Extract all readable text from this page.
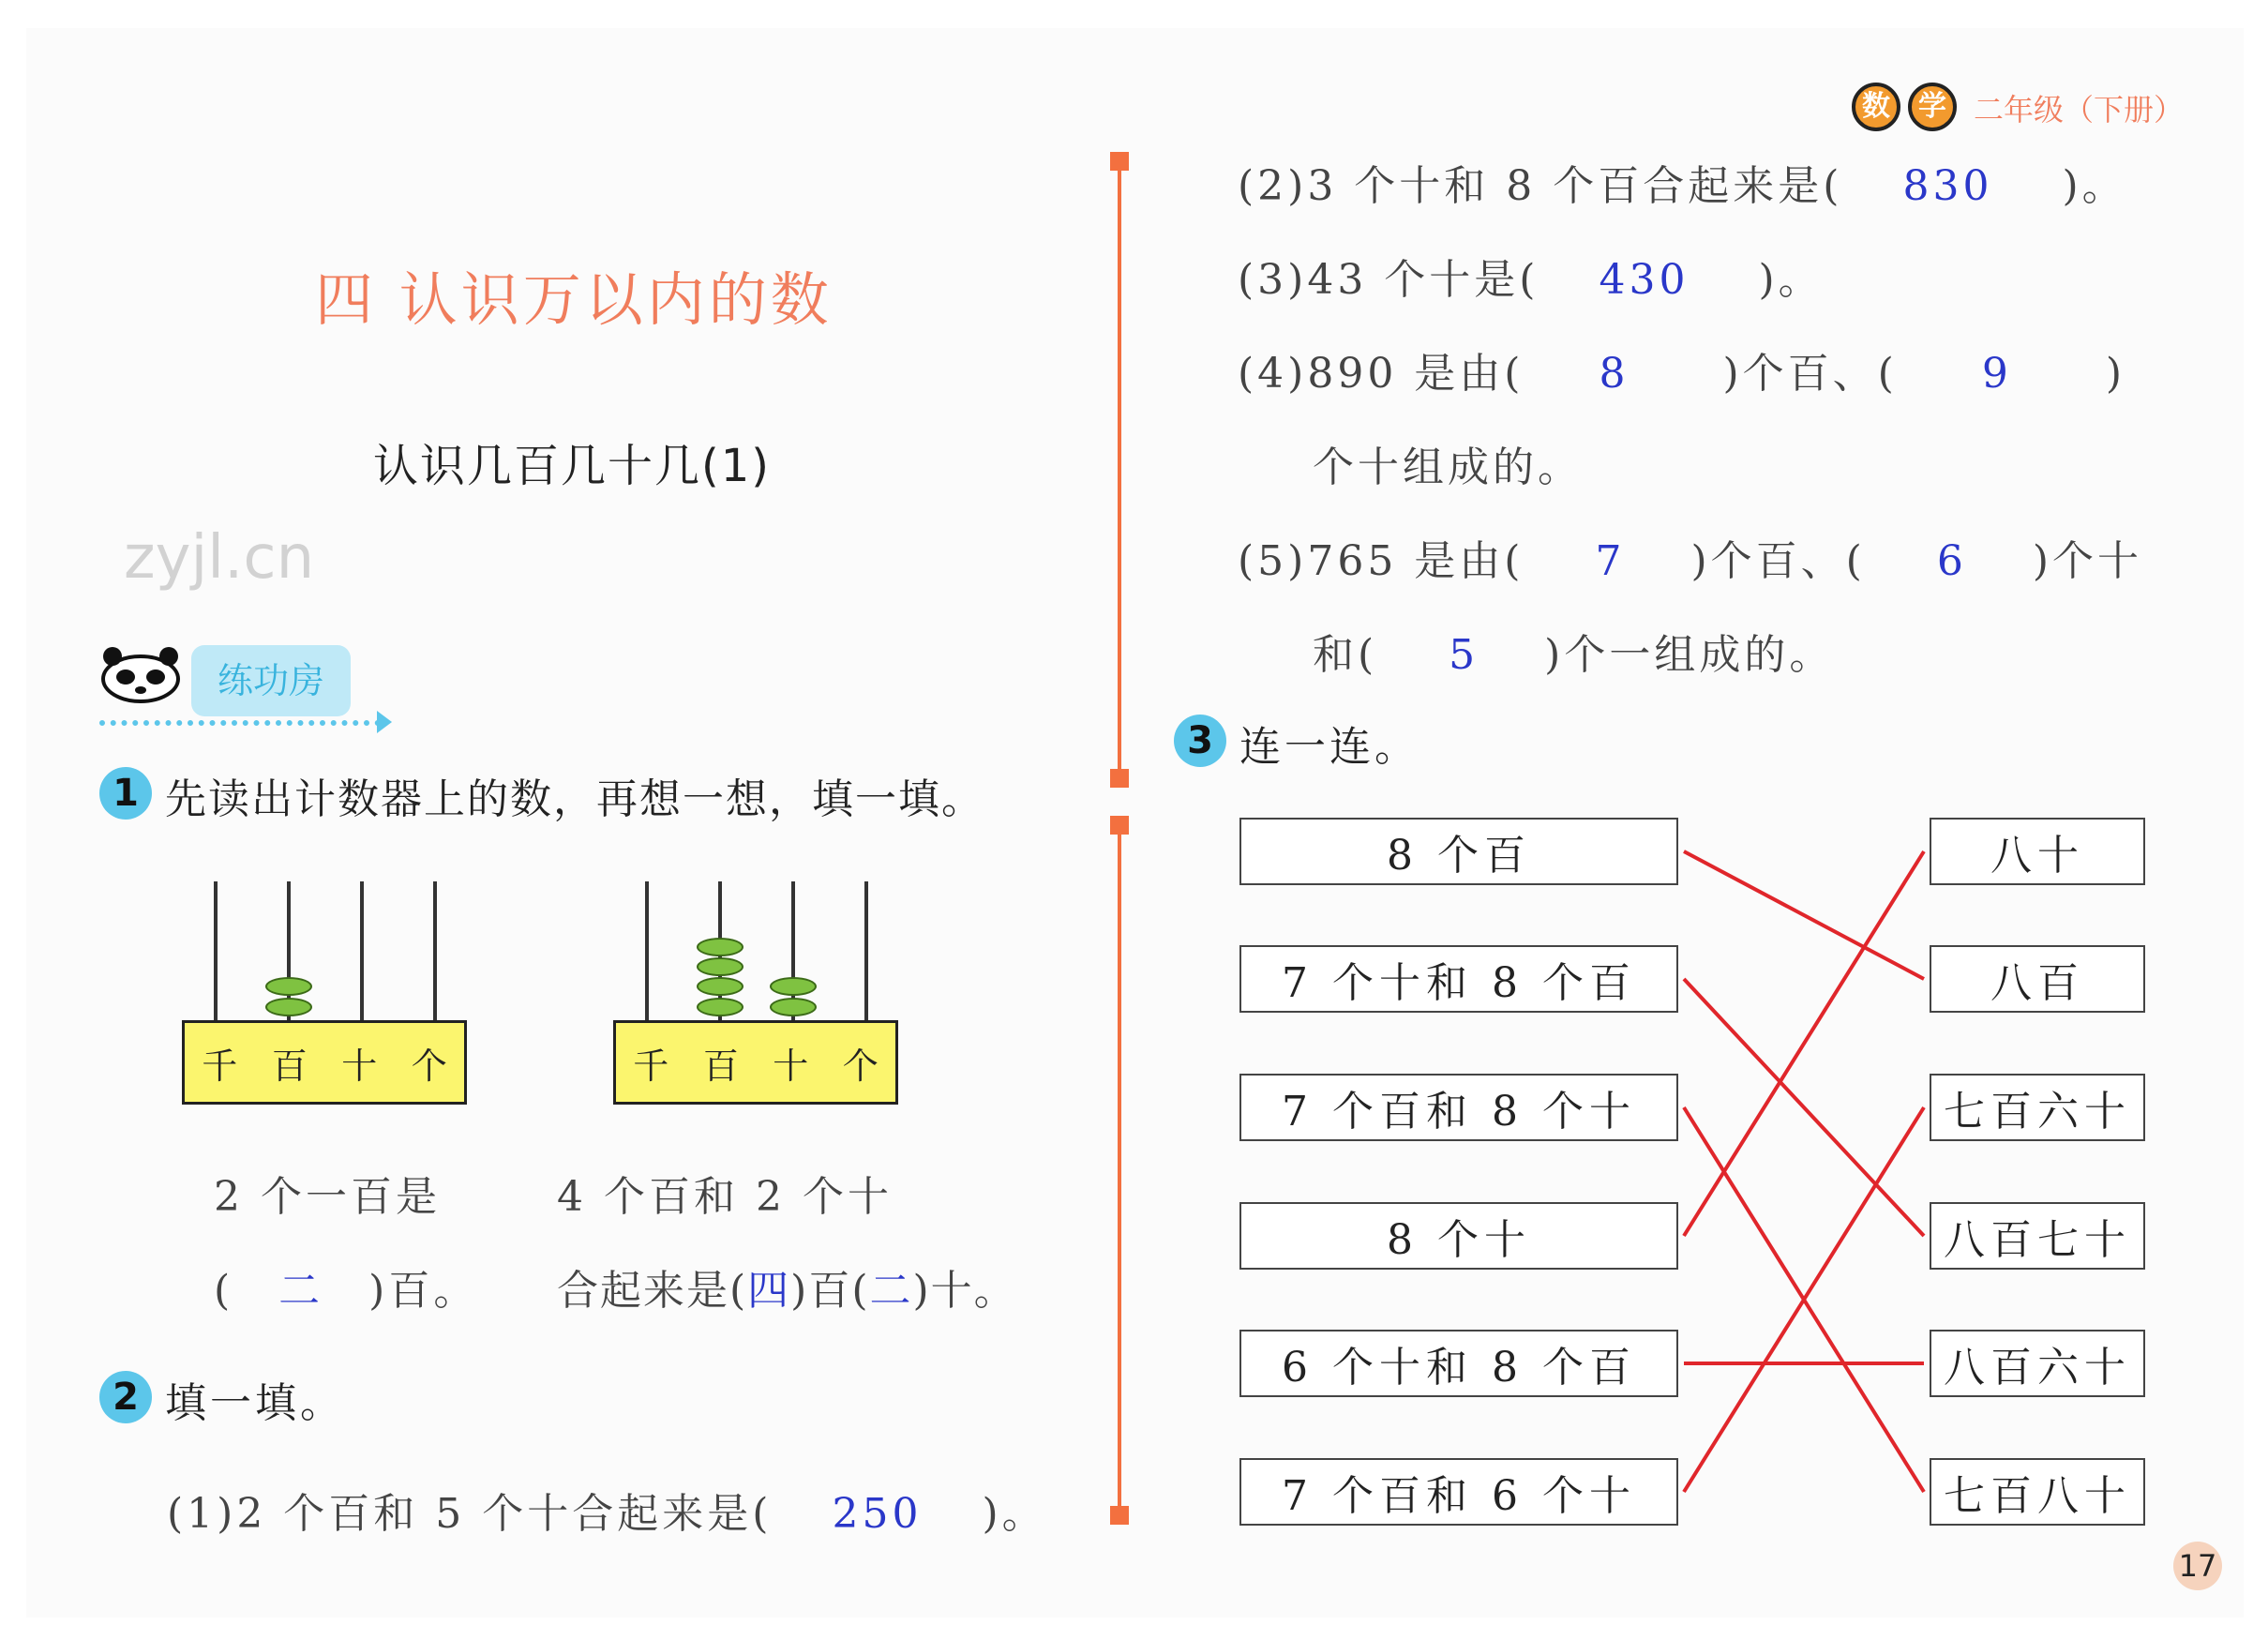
数	学 二年级（下册）
四 认识万以内的数
认识几百几十几(1)
zyjl.cn
练功房
1 先读出计数器上的数，再想一想，填一填。
千 百 十 个	千 百 十 个
2 个一百是
( 二 )百。
4 个百和 2 个十
合起来是(四)百(二)十。
2 填一填。
(1)2 个百和 5 个十合起来是( 250 )。
(2)3 个十和 8 个百合起来是( 830 )。
(3)43 个十是( 430 )。
(4)890 是由( 8 )个百、( 9 )
个十组成的。
(5)765 是由( 7 )个百、( 6 )个十
和( 5 )个一组成的。
3 连一连。
8 个百
7 个十和 8 个百
7 个百和 8 个十
8 个十
6 个十和 8 个百
7 个百和 6 个十
八十
八百
七百六十
八百七十
八百六十
七百八十
17
